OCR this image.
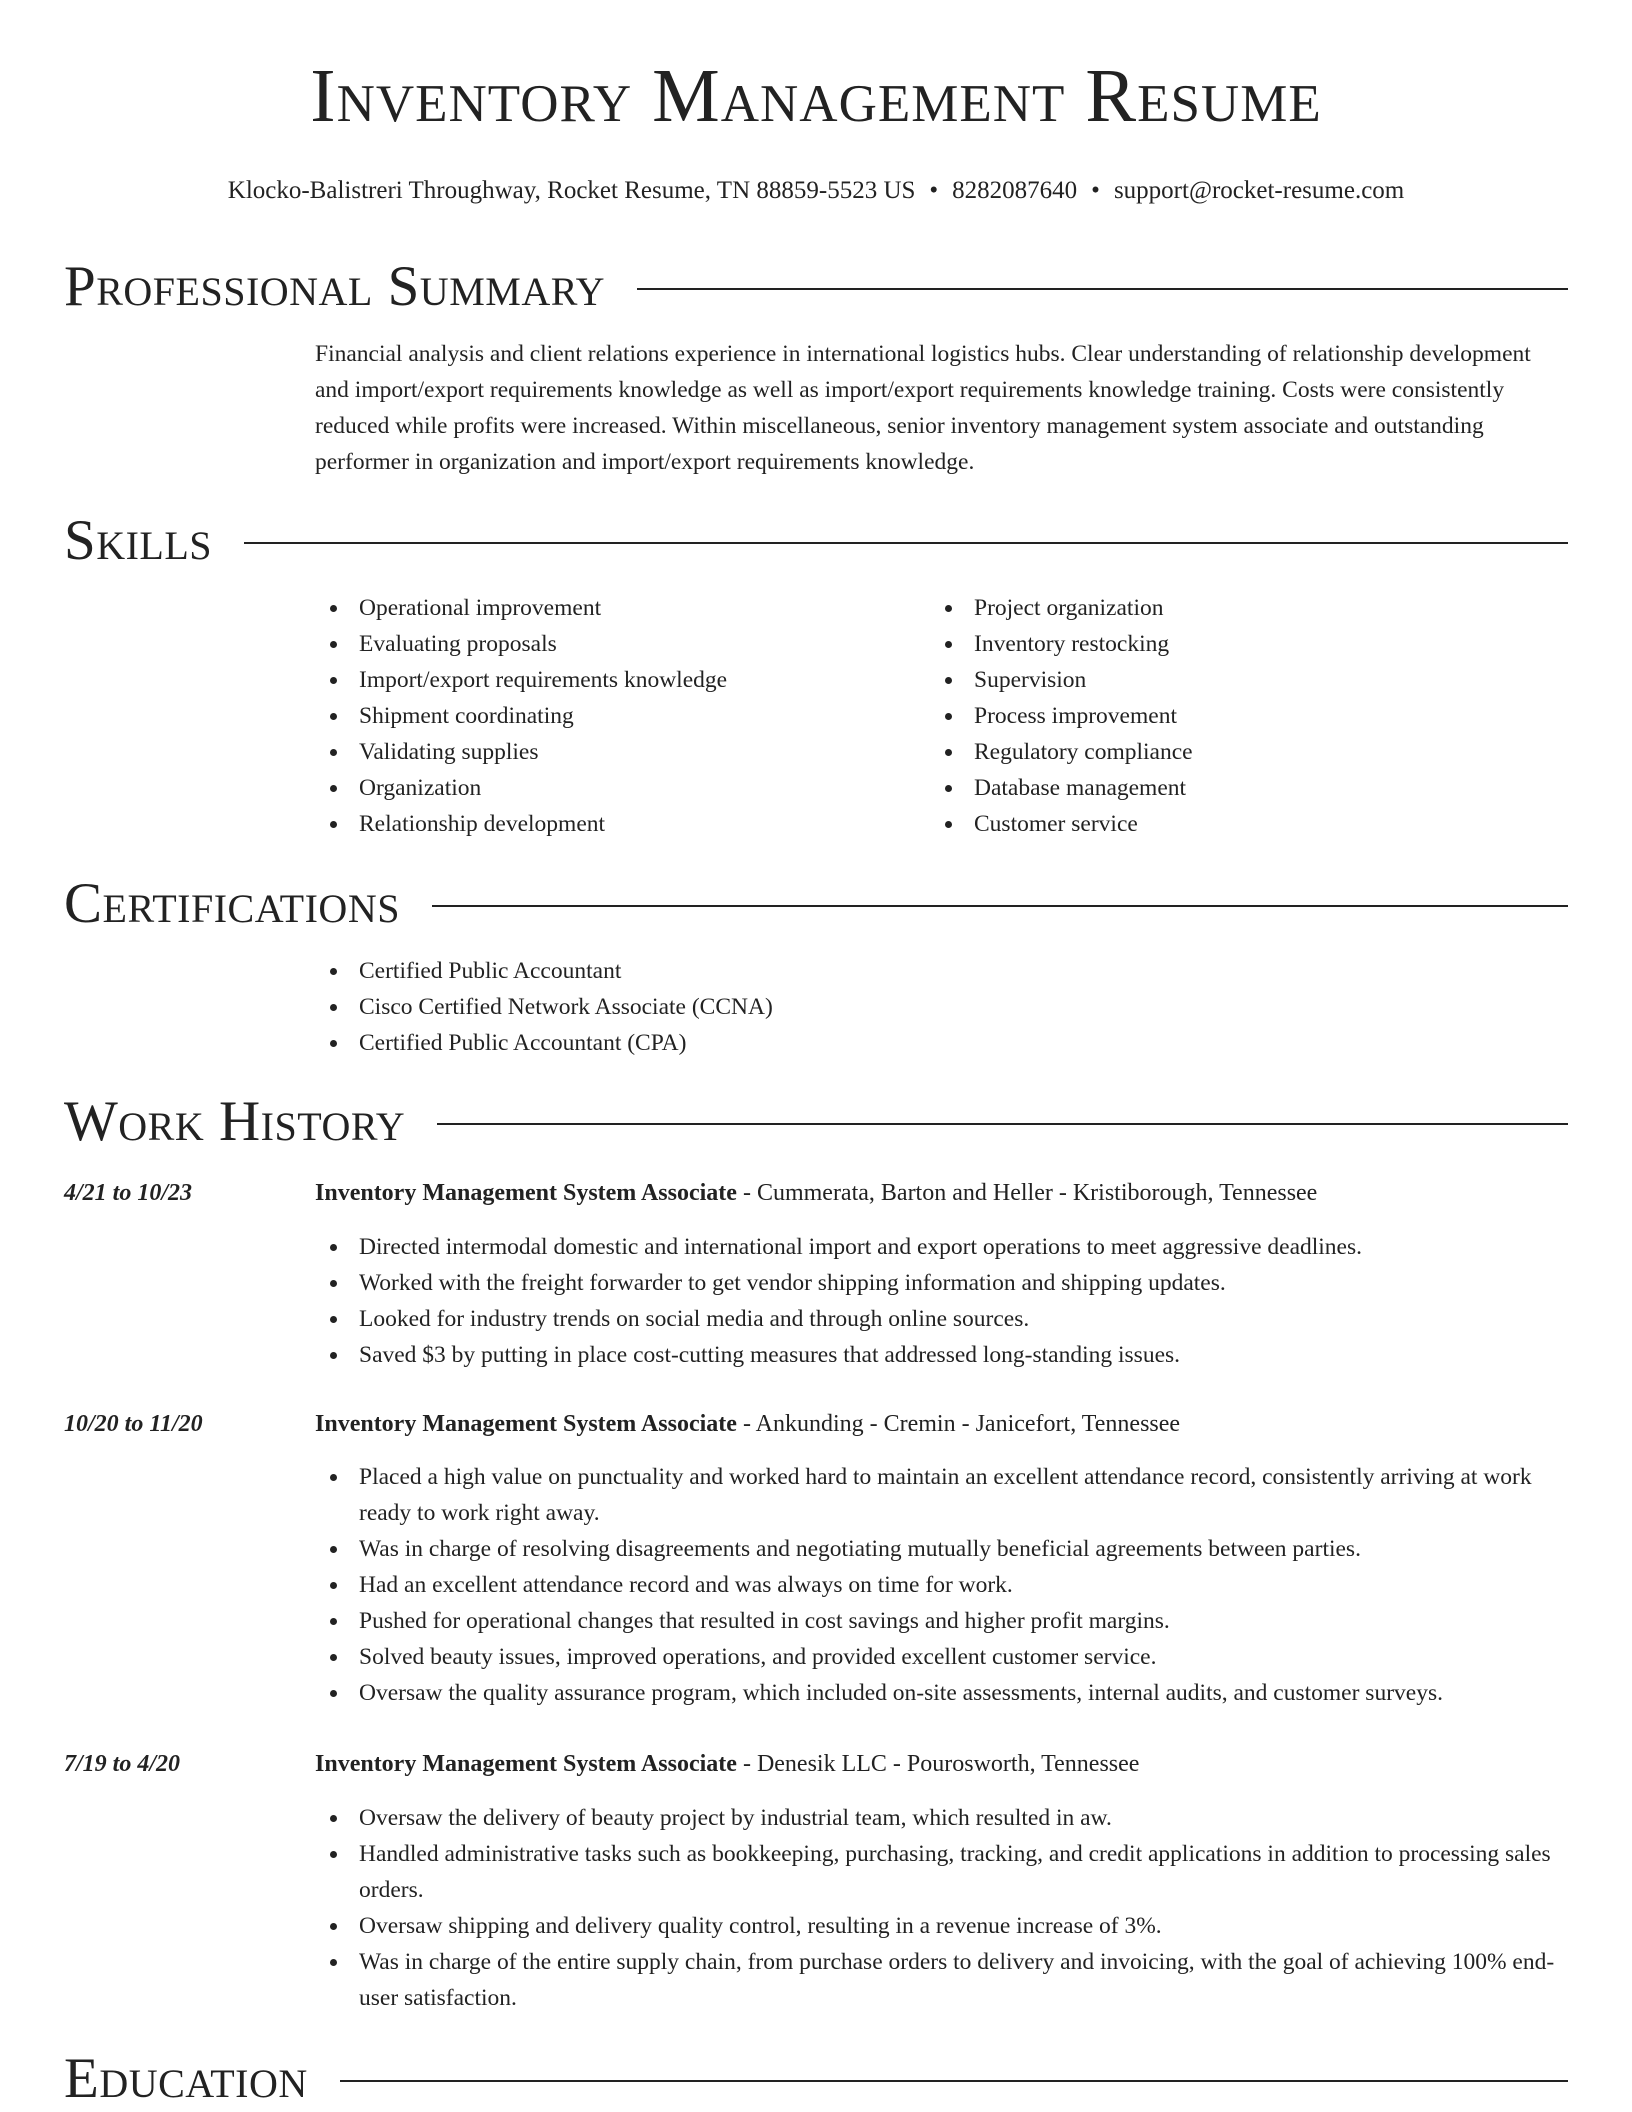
Inventory Management Resume
Klocko-Balistreri Throughway, Rocket Resume, TN 88859-5523 US • 8282087640 • support@rocket-resume.com
Professional Summary

Financial analysis and client relations experience in international logistics hubs. Clear understanding of relationship development and import/export requirements knowledge as well as import/export requirements knowledge training. Costs were consistently reduced while profits were increased. Within miscellaneous, senior inventory management system associate and outstanding performer in organization and import/export requirements knowledge.

Skills
Operational improvement
Evaluating proposals
Import/export requirements knowledge
Shipment coordinating
Validating supplies
Organization
Relationship development
Project organization
Inventory restocking
Supervision
Process improvement
Regulatory compliance
Database management
Customer service
Certifications
Certified Public Accountant
Cisco Certified Network Associate (CCNA)
Certified Public Accountant (CPA)
Work History
4/21 to 10/23	Inventory Management System Associate - Cummerata, Barton and Heller - Kristiborough, Tennessee
Directed intermodal domestic and international import and export operations to meet aggressive deadlines.
Worked with the freight forwarder to get vendor shipping information and shipping updates.
Looked for industry trends on social media and through online sources.
Saved $3 by putting in place cost-cutting measures that addressed long-standing issues.
10/20 to 11/20	Inventory Management System Associate - Ankunding - Cremin - Janicefort, Tennessee
Placed a high value on punctuality and worked hard to maintain an excellent attendance record, consistently arriving at work ready to work right away.
Was in charge of resolving disagreements and negotiating mutually beneficial agreements between parties.
Had an excellent attendance record and was always on time for work.
Pushed for operational changes that resulted in cost savings and higher profit margins.
Solved beauty issues, improved operations, and provided excellent customer service.
Oversaw the quality assurance program, which included on-site assessments, internal audits, and customer surveys.
7/19 to 4/20	Inventory Management System Associate - Denesik LLC - Pourosworth, Tennessee
Oversaw the delivery of beauty project by industrial team, which resulted in aw.
Handled administrative tasks such as bookkeeping, purchasing, tracking, and credit applications in addition to processing sales orders.
Oversaw shipping and delivery quality control, resulting in a revenue increase of 3%.
Was in charge of the entire supply chain, from purchase orders to delivery and invoicing, with the goal of achieving 100% end-user satisfaction.
Education
